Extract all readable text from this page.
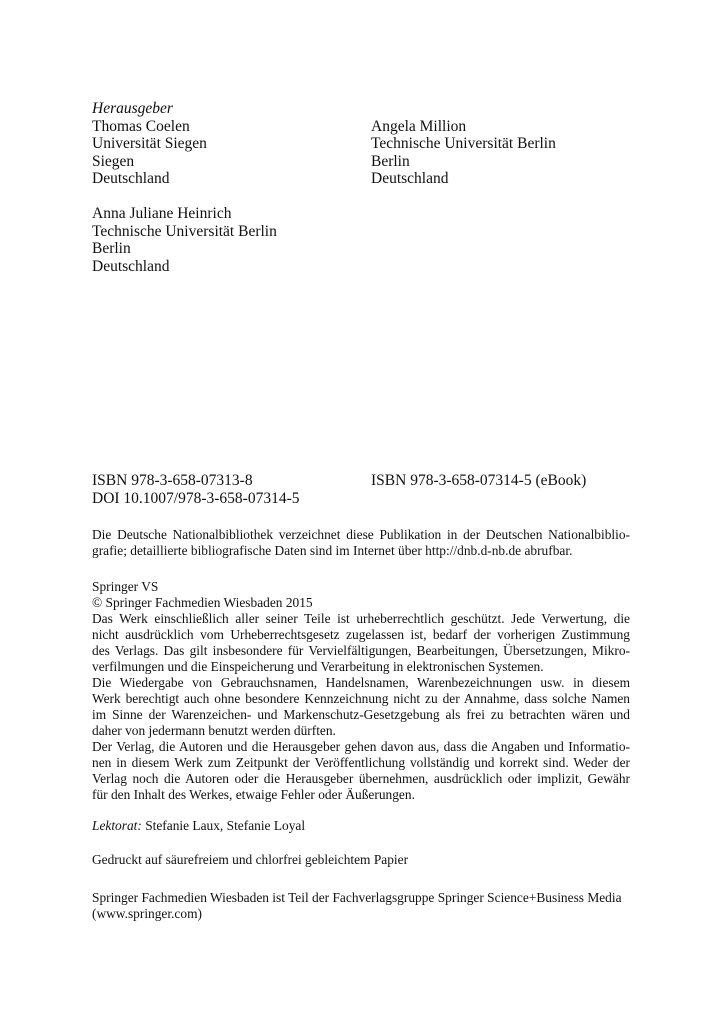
Herausgeber
Thomas Coelen
Universität Siegen
Siegen
Deutschland
Angela Million
Technische Universität Berlin
Berlin
Deutschland
Anna Juliane Heinrich
Technische Universität Berlin
Berlin
Deutschland
ISBN 978-3-658-07313-8
DOI 10.1007/978-3-658-07314-5
ISBN 978-3-658-07314-5 (eBook)
Die Deutsche Nationalbibliothek verzeichnet diese Publikation in der Deutschen Nationalbiblio-
grafie; detaillierte bibliografische Daten sind im Internet über http://dnb.d-nb.de abrufbar.
Springer VS
© Springer Fachmedien Wiesbaden 2015
Das Werk einschließlich aller seiner Teile ist urheberrechtlich geschützt. Jede Verwertung, die
nicht ausdrücklich vom Urheberrechtsgesetz zugelassen ist, bedarf der vorherigen Zustimmung
des Verlags. Das gilt insbesondere für Vervielfältigungen, Bearbeitungen, Übersetzungen, Mikro-
verfilmungen und die Einspeicherung und Verarbeitung in elektronischen Systemen.
Die Wiedergabe von Gebrauchsnamen, Handelsnamen, Warenbezeichnungen usw. in diesem
Werk berechtigt auch ohne besondere Kennzeichnung nicht zu der Annahme, dass solche Namen
im Sinne der Warenzeichen- und Markenschutz-Gesetzgebung als frei zu betrachten wären und
daher von jedermann benutzt werden dürften.
Der Verlag, die Autoren und die Herausgeber gehen davon aus, dass die Angaben und Informatio-
nen in diesem Werk zum Zeitpunkt der Veröffentlichung vollständig und korrekt sind. Weder der
Verlag noch die Autoren oder die Herausgeber übernehmen, ausdrücklich oder implizit, Gewähr
für den Inhalt des Werkes, etwaige Fehler oder Äußerungen.
Lektorat: Stefanie Laux, Stefanie Loyal
Gedruckt auf säurefreiem und chlorfrei gebleichtem Papier
Springer Fachmedien Wiesbaden ist Teil der Fachverlagsgruppe Springer Science+Business Media
(www.springer.com)
